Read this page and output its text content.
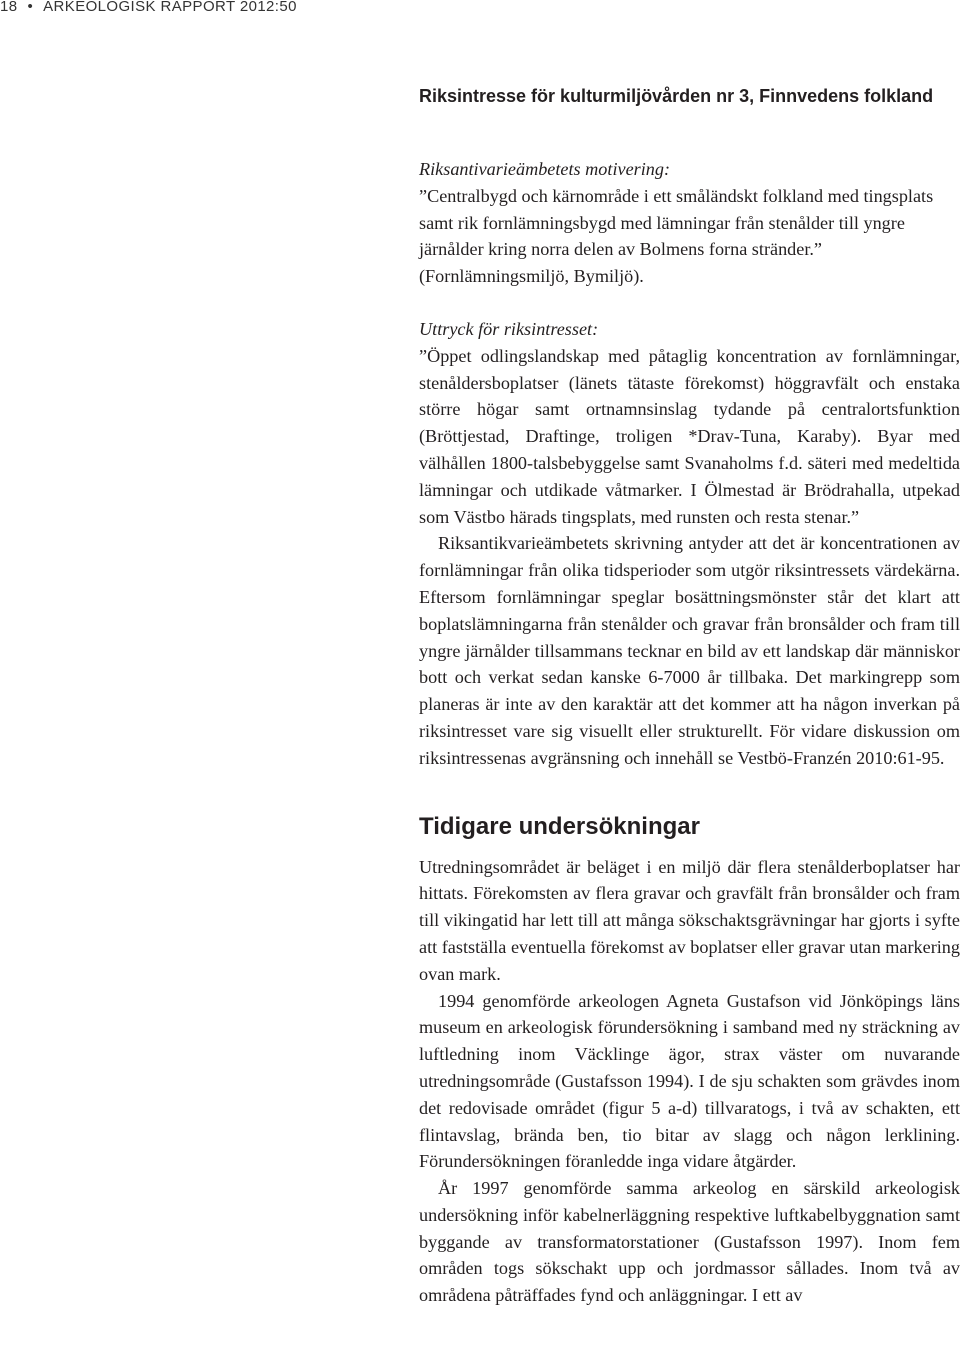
18 • ARKEOLOGISK RAPPORT 2012:50
Riksintresse för kulturmiljövården nr 3, Finnvedens folkland

Riksantivarieämbetets motivering:

”Centralbygd och kärnområde i ett småländskt folkland med tingsplats samt rik fornlämningsbygd med lämningar från stenålder till yngre järnålder kring norra delen av Bolmens forna stränder.” (Fornlämningsmiljö, Bymiljö).

Uttryck för riksintresset:

”Öppet odlingslandskap med påtaglig koncentration av fornlämningar, stenåldersboplatser (länets tätaste förekomst) höggravfält och enstaka större högar samt ortnamnsinslag tydande på centralortsfunktion (Bröttjestad, Draftinge, troligen *Drav-Tuna, Karaby). Byar med välhållen 1800-talsbebyggelse samt Svanaholms f.d. säteri med medeltida lämningar och utdikade våtmarker. I Ölmestad är Brödrahalla, utpekad som Västbo härads tingsplats, med runsten och resta stenar.”

Riksantikvarieämbetets skrivning antyder att det är koncentrationen av fornlämningar från olika tidsperioder som utgör riksintressets värdekärna. Eftersom fornlämningar speglar bosättningsmönster står det klart att boplatslämningarna från stenålder och gravar från bronsålder och fram till yngre järnålder tillsammans tecknar en bild av ett landskap där människor bott och verkat sedan kanske 6-7000 år tillbaka. Det markingrepp som planeras är inte av den karaktär att det kommer att ha någon inverkan på riksintresset vare sig visuellt eller strukturellt. För vidare diskussion om riksintressenas avgränsning och innehåll se Vestbö-Franzén 2010:61-95.

Tidigare undersökningar

Utredningsområdet är beläget i en miljö där flera stenålderboplatser har hittats. Förekomsten av flera gravar och gravfält från bronsålder och fram till vikingatid har lett till att många sökschaktsgrävningar har gjorts i syfte att fastställa eventuella förekomst av boplatser eller gravar utan markering ovan mark.

1994 genomförde arkeologen Agneta Gustafson vid Jönköpings läns museum en arkeologisk förundersökning i samband med ny sträckning av luftledning inom Väcklinge ägor, strax väster om nuvarande utredningsområde (Gustafsson 1994). I de sju schakten som grävdes inom det redovisade området (figur 5 a-d) tillvaratogs, i två av schakten, ett flintavslag, brända ben, tio bitar av slagg och någon lerklining. Förundersökningen föranledde inga vidare åtgärder.

År 1997 genomförde samma arkeolog en särskild arkeologisk undersökning inför kabelnerläggning respektive luftkabelbyggnation samt byggande av transformatorstationer (Gustafsson 1997). Inom fem områden togs sökschakt upp och jordmassor sållades. Inom två av områdena påträffades fynd och anläggningar. I ett av
